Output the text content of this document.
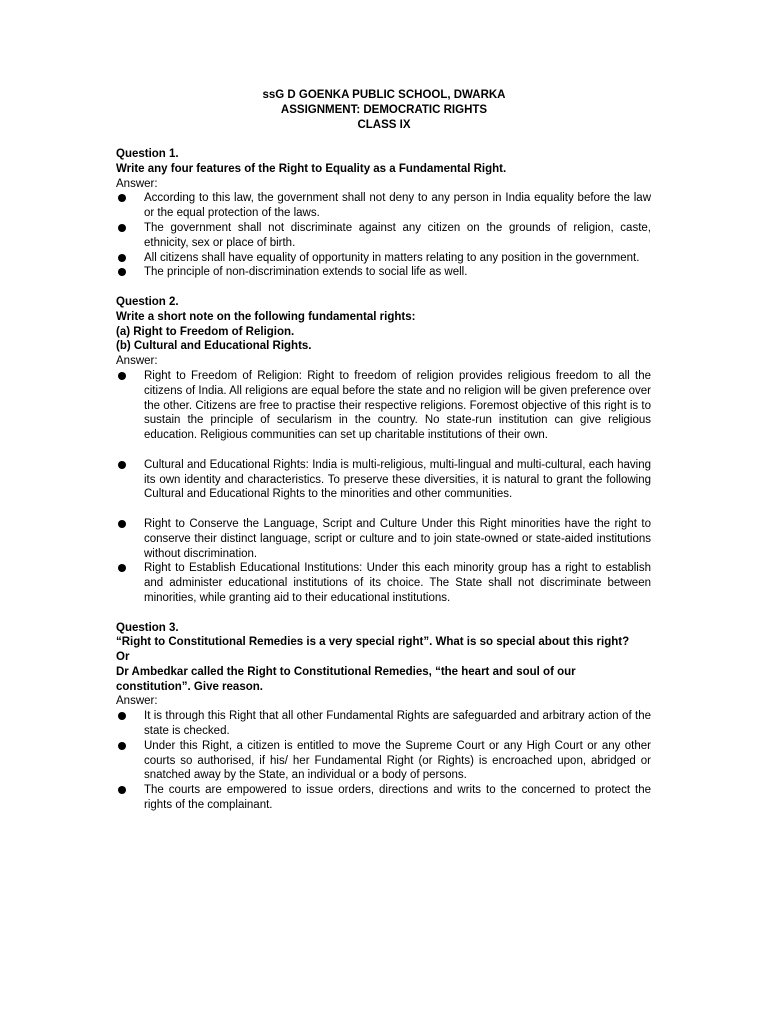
ssG D GOENKA PUBLIC SCHOOL, DWARKA
ASSIGNMENT: DEMOCRATIC RIGHTS
CLASS IX
Question 1.
Write any four features of the Right to Equality as a Fundamental Right.
Answer:
According to this law, the government shall not deny to any person in India equality before the law or the equal protection of the laws.
The government shall not discriminate against any citizen on the grounds of religion, caste, ethnicity, sex or place of birth.
All citizens shall have equality of opportunity in matters relating to any position in the government.
The principle of non-discrimination extends to social life as well.
Question 2.
Write a short note on the following fundamental rights:
(a) Right to Freedom of Religion.
(b) Cultural and Educational Rights.
Answer:
Right to Freedom of Religion: Right to freedom of religion provides religious freedom to all the citizens of India. All religions are equal before the state and no religion will be given preference over the other. Citizens are free to practise their respective religions. Foremost objective of this right is to sustain the principle of secularism in the country. No state-run institution can give religious education. Religious communities can set up charitable institutions of their own.
Cultural and Educational Rights: India is multi-religious, multi-lingual and multi-cultural, each having its own identity and characteristics. To preserve these diversities, it is natural to grant the following Cultural and Educational Rights to the minorities and other communities.
Right to Conserve the Language, Script and Culture Under this Right minorities have the right to conserve their distinct language, script or culture and to join state-owned or state-aided institutions without discrimination.
Right to Establish Educational Institutions: Under this each minority group has a right to establish and administer educational institutions of its choice. The State shall not discriminate between minorities, while granting aid to their educational institutions.
Question 3.
“Right to Constitutional Remedies is a very special right”. What is so special about this right?
Or
Dr Ambedkar called the Right to Constitutional Remedies, “the heart and soul of our constitution”. Give reason.
Answer:
It is through this Right that all other Fundamental Rights are safeguarded and arbitrary action of the state is checked.
Under this Right, a citizen is entitled to move the Supreme Court or any High Court or any other courts so authorised, if his/ her Fundamental Right (or Rights) is encroached upon, abridged or snatched away by the State, an individual or a body of persons.
The courts are empowered to issue orders, directions and writs to the concerned to protect the rights of the complainant.
